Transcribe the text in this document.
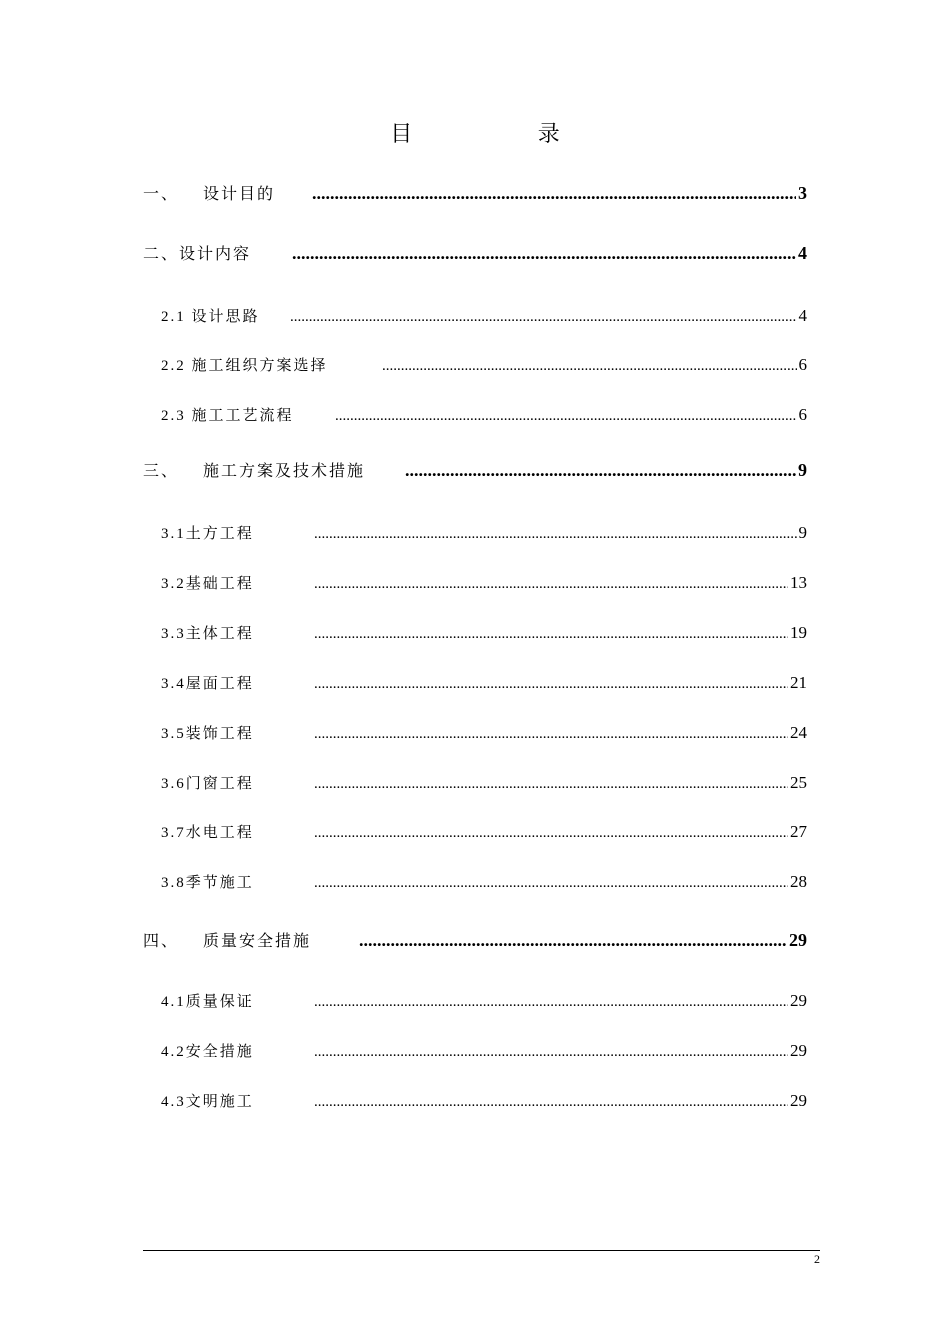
目 录
一、    设计目的 .....	3
二、设计内容 .....	4
2.1 设计思路 .....	4
2.2 施工组织方案选择 .....	6
2.3 施工工艺流程 .....	6
三、    施工方案及技术措施 .....	9
3.1土方工程 .....	9
3.2基础工程 .....	13
3.3主体工程 .....	19
3.4屋面工程 .....	21
3.5装饰工程 .....	24
3.6门窗工程 .....	25
3.7水电工程 .....	27
3.8季节施工 .....	28
四、    质量安全措施 .....	29
4.1质量保证 .....	29
4.2安全措施 .....	29
4.3文明施工 .....	29
2
